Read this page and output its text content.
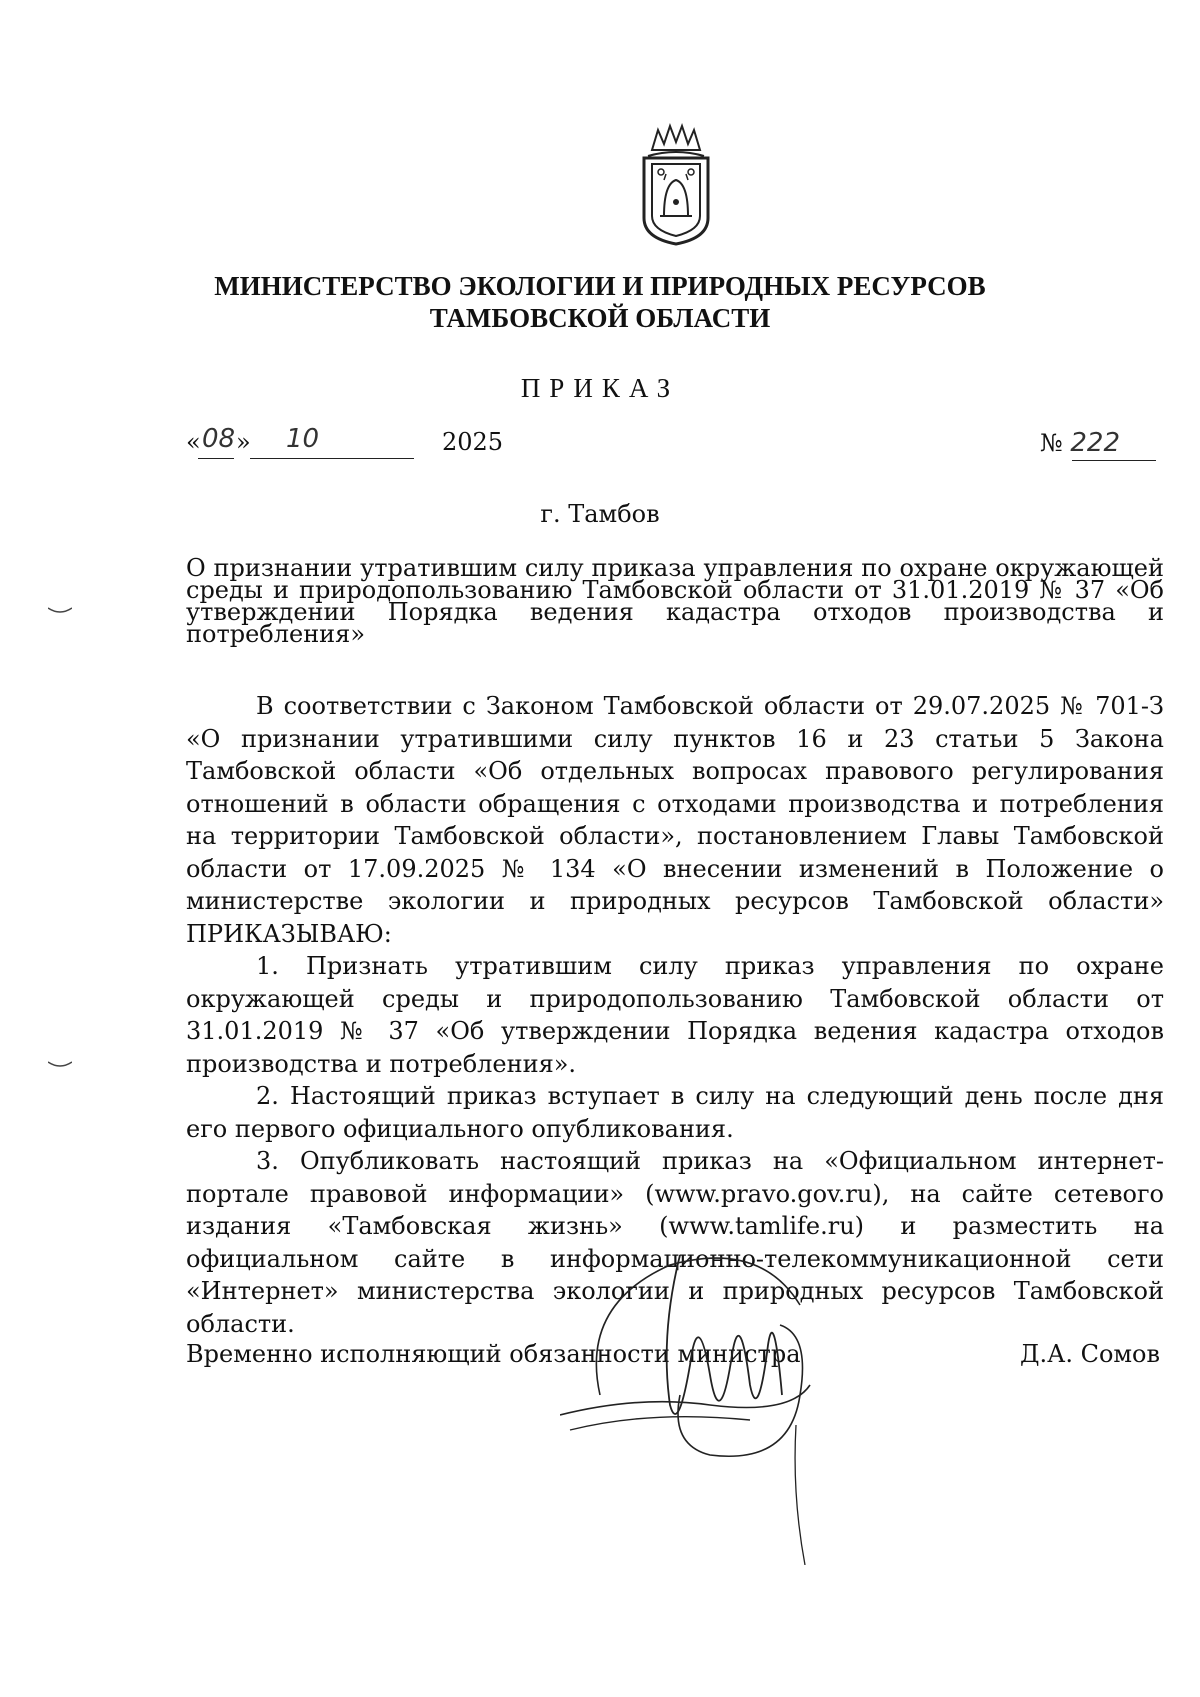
МИНИСТЕРСТВО ЭКОЛОГИИ И ПРИРОДНЫХ РЕСУРСОВ
ТАМБОВСКОЙ ОБЛАСТИ
ПРИКАЗ
« 08 » 10	2025	№ 222
г. Тамбов
О признании утратившим силу приказа управления по охране окружающей среды и природопользованию Тамбовской области от 31.01.2019 № 37 «Об утверждении Порядка ведения кадастра отходов производства и потребления»

В соответствии с Законом Тамбовской области от 29.07.2025 № 701-З «О признании утратившими силу пунктов 16 и 23 статьи 5 Закона Тамбовской области «Об отдельных вопросах правового регулирования отношений в области обращения с отходами производства и потребления на территории Тамбовской области», постановлением Главы Тамбовской области от 17.09.2025 № 134 «О внесении изменений в Положение о министерстве экологии и природных ресурсов Тамбовской области» ПРИКАЗЫВАЮ:

1. Признать утратившим силу приказ управления по охране окружающей среды и природопользованию Тамбовской области от 31.01.2019 № 37 «Об утверждении Порядка ведения кадастра отходов производства и потребления».

2. Настоящий приказ вступает в силу на следующий день после дня его первого официального опубликования.

3. Опубликовать настоящий приказ на «Официальном интернет-портале правовой информации» (www.pravo.gov.ru), на сайте сетевого издания «Тамбовская жизнь» (www.tamlife.ru) и разместить на официальном сайте в информационно-телекоммуникационной сети «Интернет» министерства экологии и природных ресурсов Тамбовской области.

Временно исполняющий обязанности министра	Д.А. Сомов
